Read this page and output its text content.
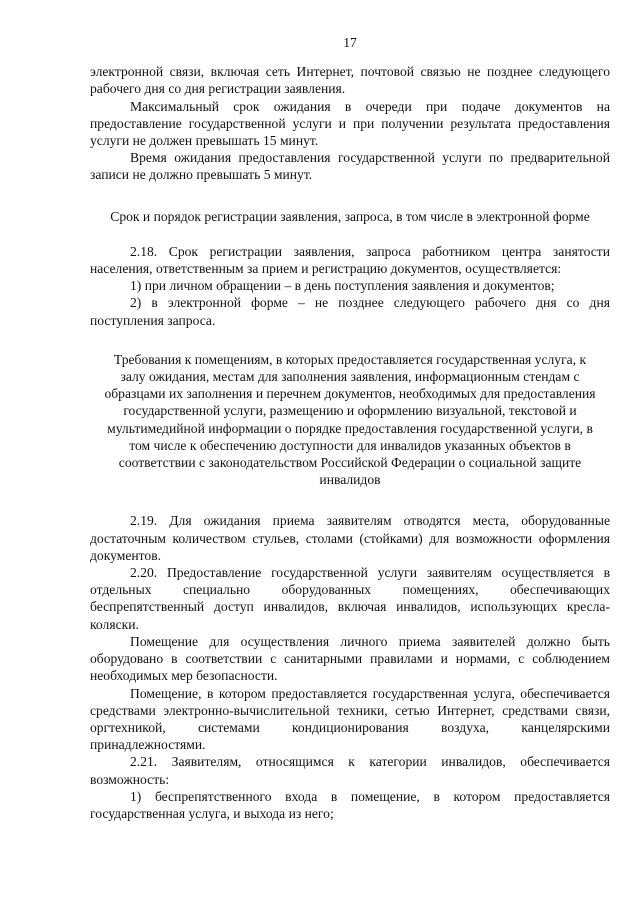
17

электронной связи, включая сеть Интернет, почтовой связью не позднее следующего рабочего дня со дня регистрации заявления.

Максимальный срок ожидания в очереди при подаче документов на предоставление государственной услуги и при получении результата предоставления услуги не должен превышать 15 минут.

Время ожидания предоставления государственной услуги по предварительной записи не должно превышать 5 минут.

Срок и порядок регистрации заявления, запроса, в том числе в электронной форме

2.18. Срок регистрации заявления, запроса работником центра занятости населения, ответственным за прием и регистрацию документов, осуществляется:

1) при личном обращении – в день поступления заявления и документов;

2) в электронной форме – не позднее следующего рабочего дня со дня поступления запроса.

Требования к помещениям, в которых предоставляется государственная услуга, к залу ожидания, местам для заполнения заявления, информационным стендам с образцами их заполнения и перечнем документов, необходимых для предоставления государственной услуги, размещению и оформлению визуальной, текстовой и мультимедийной информации о порядке предоставления государственной услуги, в том числе к обеспечению доступности для инвалидов указанных объектов в соответствии с законодательством Российской Федерации о социальной защите инвалидов

2.19. Для ожидания приема заявителям отводятся места, оборудованные достаточным количеством стульев, столами (стойками) для возможности оформления документов.

2.20. Предоставление государственной услуги заявителям осуществляется в отдельных специально оборудованных помещениях, обеспечивающих беспрепятственный доступ инвалидов, включая инвалидов, использующих кресла-коляски.

Помещение для осуществления личного приема заявителей должно быть оборудовано в соответствии с санитарными правилами и нормами, с соблюдением необходимых мер безопасности.

Помещение, в котором предоставляется государственная услуга, обеспечивается средствами электронно-вычислительной техники, сетью Интернет, средствами связи, оргтехникой, системами кондиционирования воздуха, канцелярскими принадлежностями.

2.21. Заявителям, относящимся к категории инвалидов, обеспечивается возможность:

1) беспрепятственного входа в помещение, в котором предоставляется государственная услуга, и выхода из него;
